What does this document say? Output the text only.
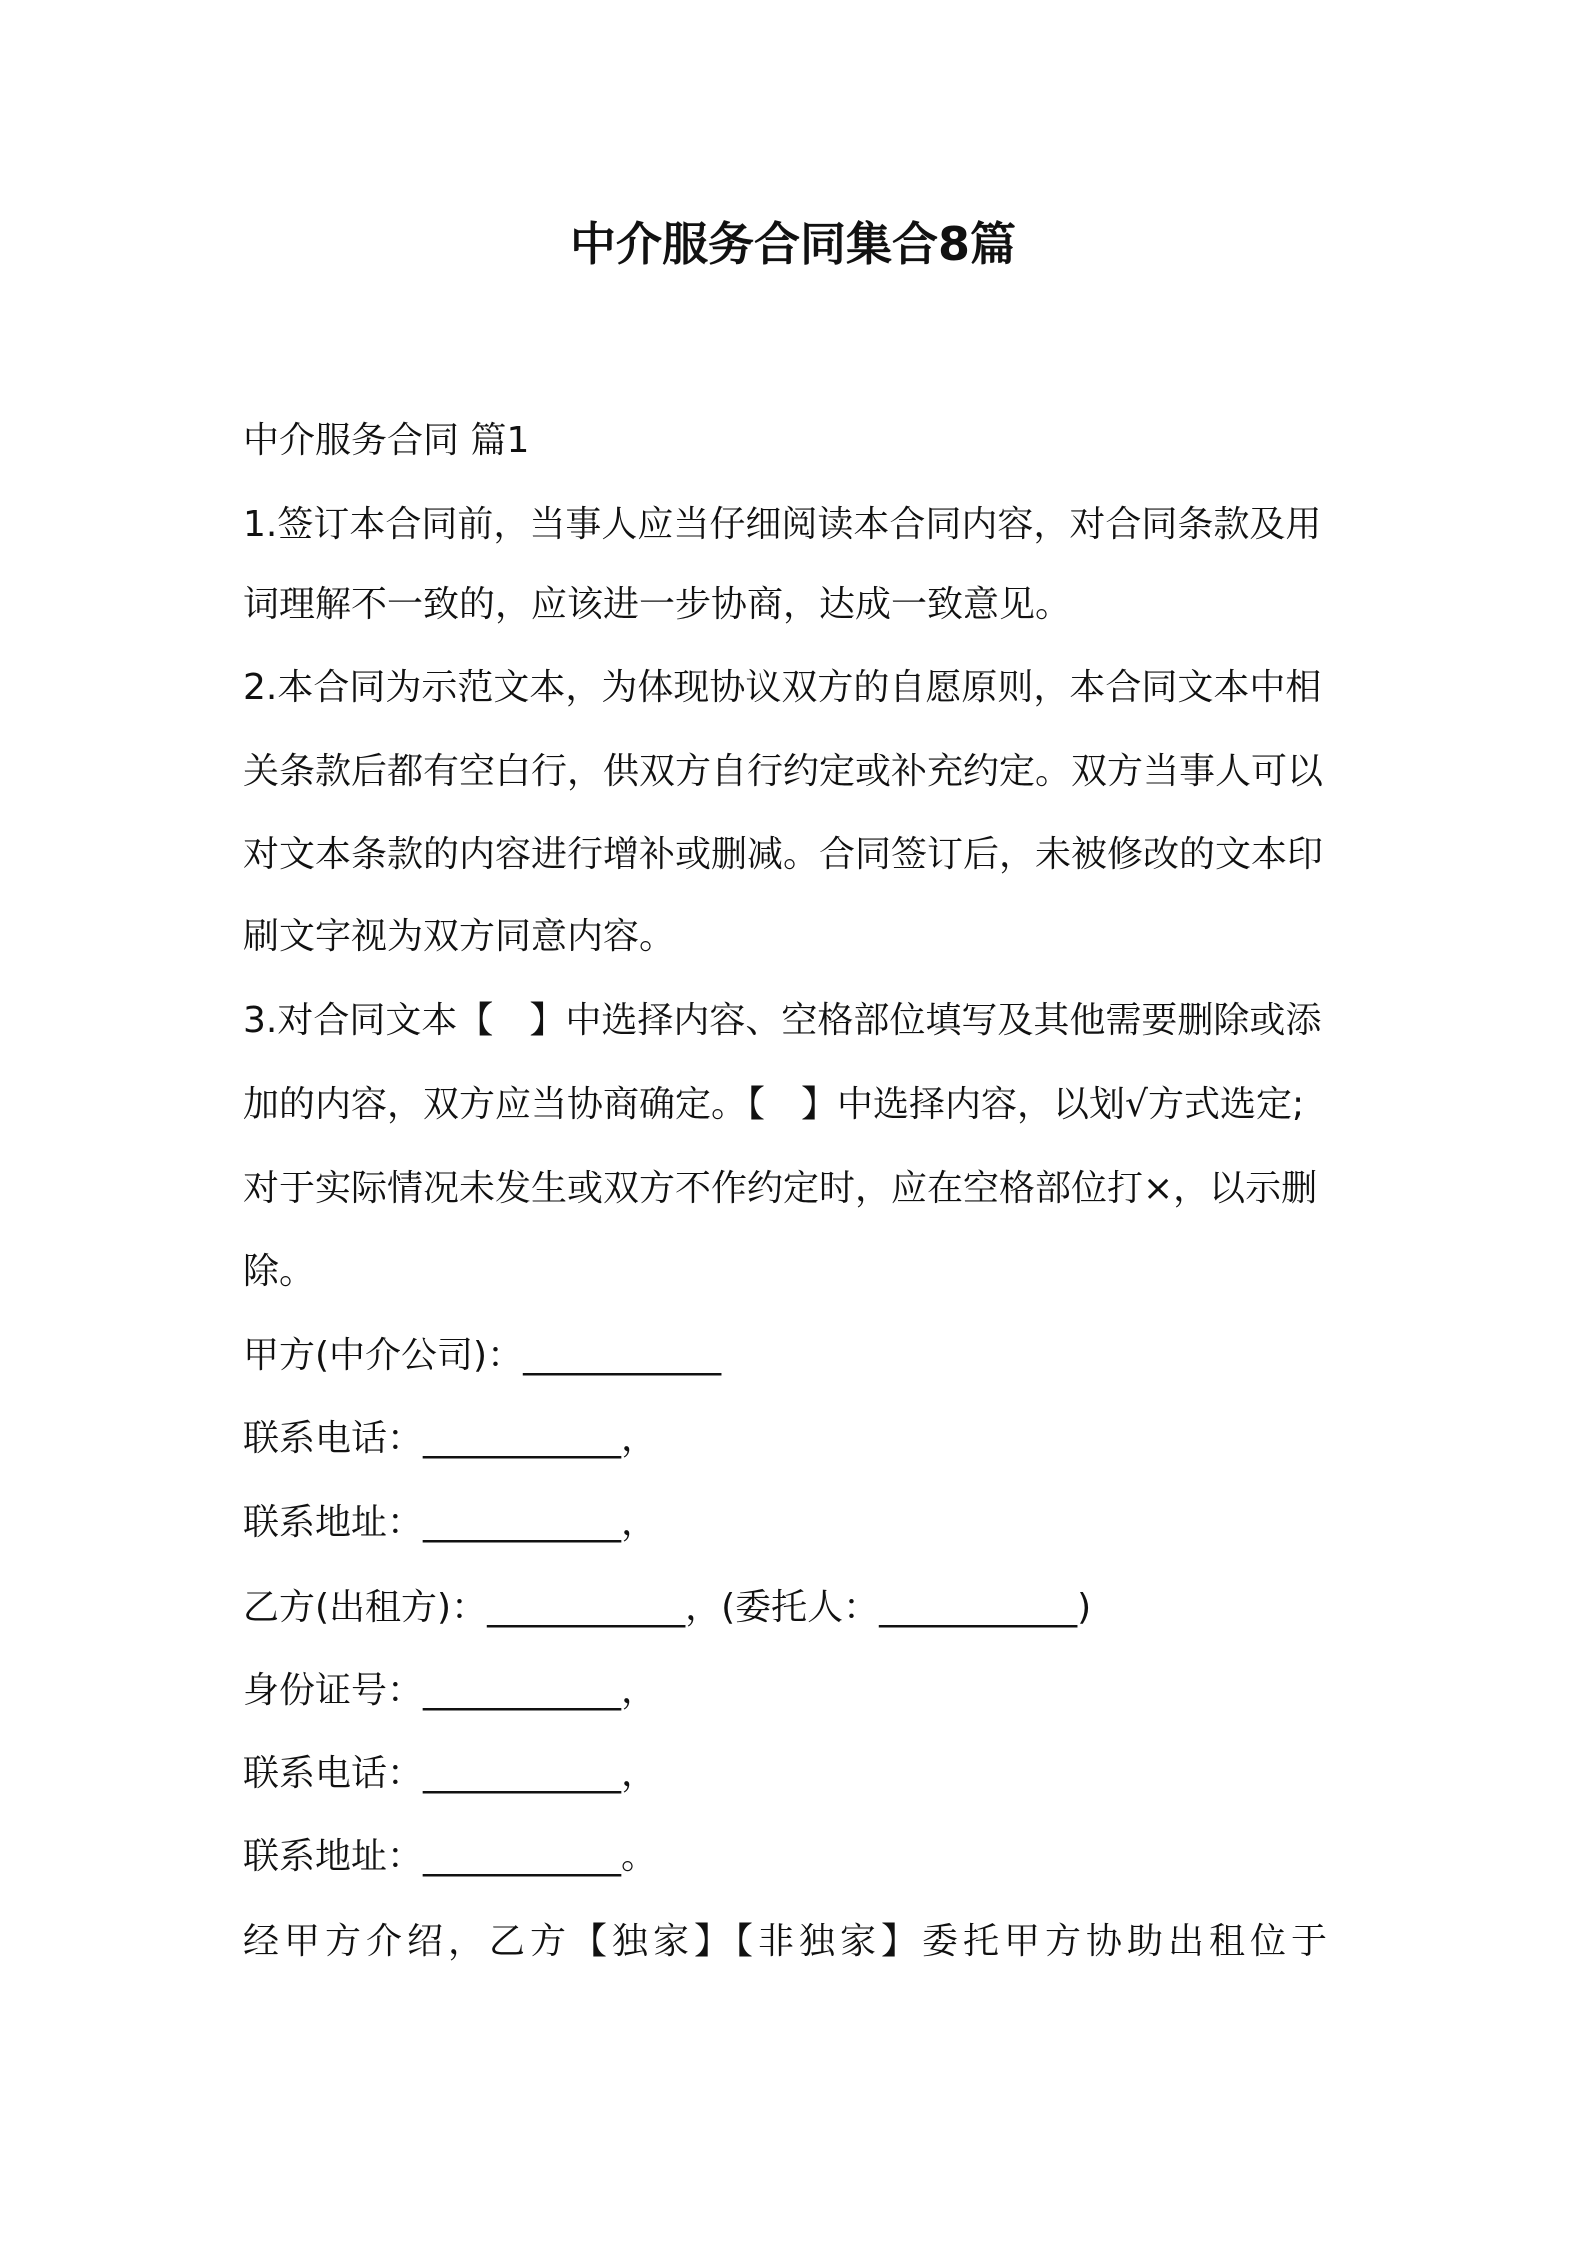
中介服务合同集合8篇
中介服务合同 篇1
1.签订本合同前，当事人应当仔细阅读本合同内容，对合同条款及用
词理解不一致的，应该进一步协商，达成一致意见。
2.本合同为示范文本，为体现协议双方的自愿原则，本合同文本中相
关条款后都有空白行，供双方自行约定或补充约定。双方当事人可以
对文本条款的内容进行增补或删减。合同签订后，未被修改的文本印
刷文字视为双方同意内容。
3.对合同文本【　】中选择内容、空格部位填写及其他需要删除或添
加的内容，双方应当协商确定。【　】中选择内容，以划√方式选定;
对于实际情况未发生或双方不作约定时，应在空格部位打×，以示删
除。
甲方(中介公司)：___________
联系电话：___________，
联系地址：___________，
乙方(出租方)：___________，(委托人：___________)
身份证号：___________，
联系电话：___________，
联系地址：___________。
经甲方介绍，乙方【独家】【非独家】委托甲方协助出租位于
